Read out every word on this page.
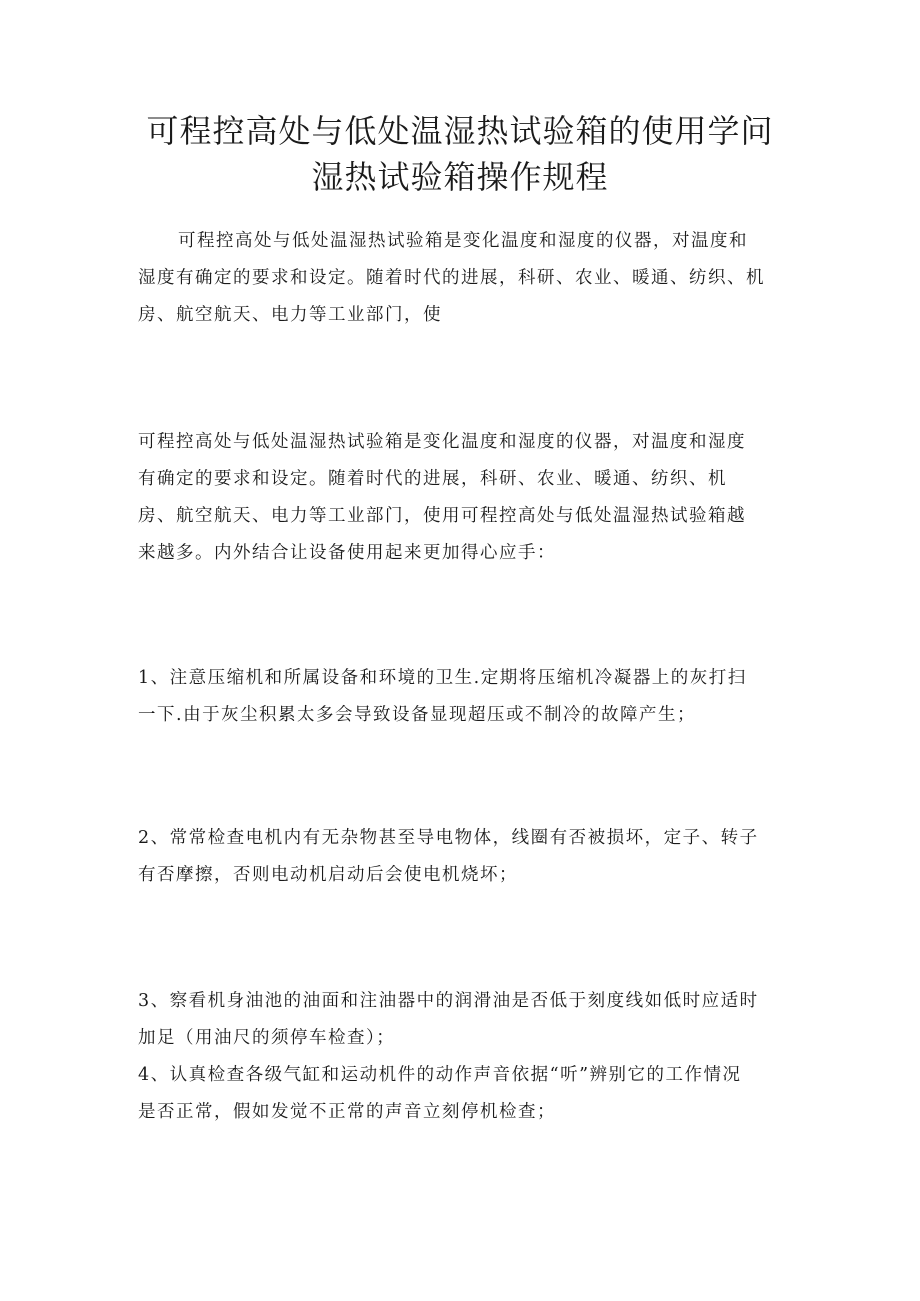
可程控高处与低处温湿热试验箱的使用学问
湿热试验箱操作规程

可程控高处与低处温湿热试验箱是变化温度和湿度的仪器，对温度和
湿度有确定的要求和设定。随着时代的进展，科研、农业、暖通、纺织、机
房、航空航天、电力等工业部门，使

可程控高处与低处温湿热试验箱是变化温度和湿度的仪器，对温度和湿度
有确定的要求和设定。随着时代的进展，科研、农业、暖通、纺织、机
房、航空航天、电力等工业部门，使用可程控高处与低处温湿热试验箱越
来越多。内外结合让设备使用起来更加得心应手：

1、注意压缩机和所属设备和环境的卫生.定期将压缩机冷凝器上的灰打扫
一下.由于灰尘积累太多会导致设备显现超压或不制冷的故障产生；

2、常常检查电机内有无杂物甚至导电物体，线圈有否被损坏，定子、转子
有否摩擦，否则电动机启动后会使电机烧坏；

3、察看机身油池的油面和注油器中的润滑油是否低于刻度线如低时应适时
加足（用油尺的须停车检查）；

4、认真检查各级气缸和运动机件的动作声音依据“听”辨别它的工作情况
是否正常，假如发觉不正常的声音立刻停机检查；
